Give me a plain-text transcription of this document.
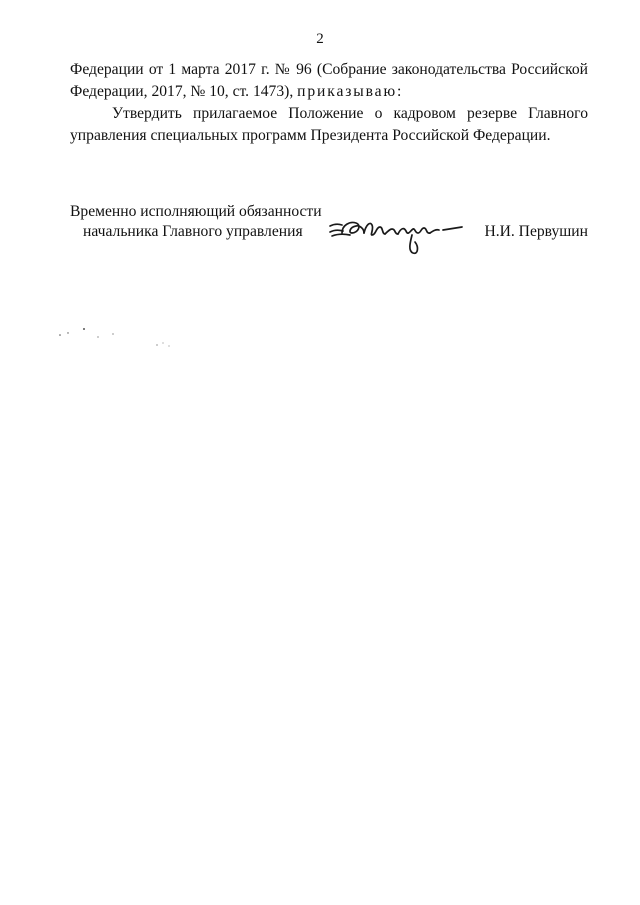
2

Федерации от 1 марта 2017 г. № 96 (Собрание законодательства Российской Федерации, 2017, № 10, ст. 1473), приказываю:

Утвердить прилагаемое Положение о кадровом резерве Главного управления специальных программ Президента Российской Федерации.

Временно исполняющий обязанности
начальника Главного управления	Н.И. Первушин
